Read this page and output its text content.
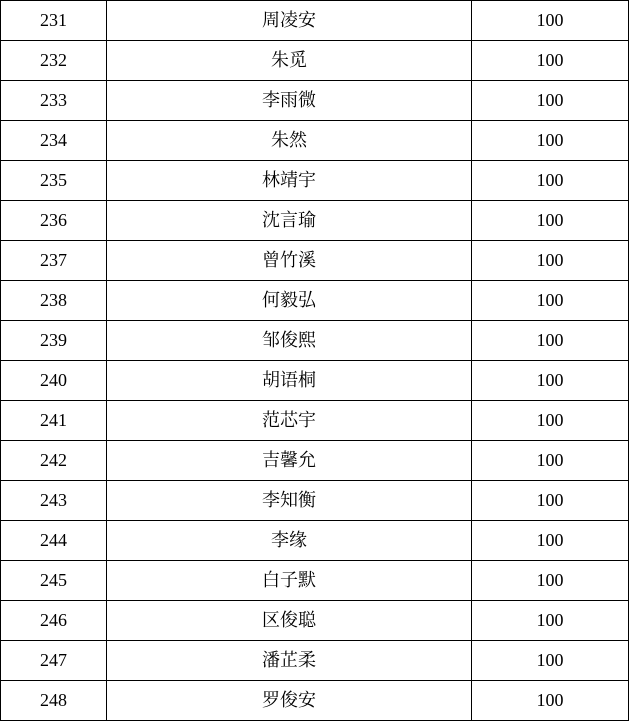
231	周凌安	100
232	朱觅	100
233	李雨微	100
234	朱然	100
235	林靖宇	100
236	沈言瑜	100
237	曾竹溪	100
238	何毅弘	100
239	邹俊熙	100
240	胡语桐	100
241	范芯宇	100
242	吉馨允	100
243	李知衡	100
244	李缘	100
245	白子默	100
246	区俊聪	100
247	潘芷柔	100
248	罗俊安	100
